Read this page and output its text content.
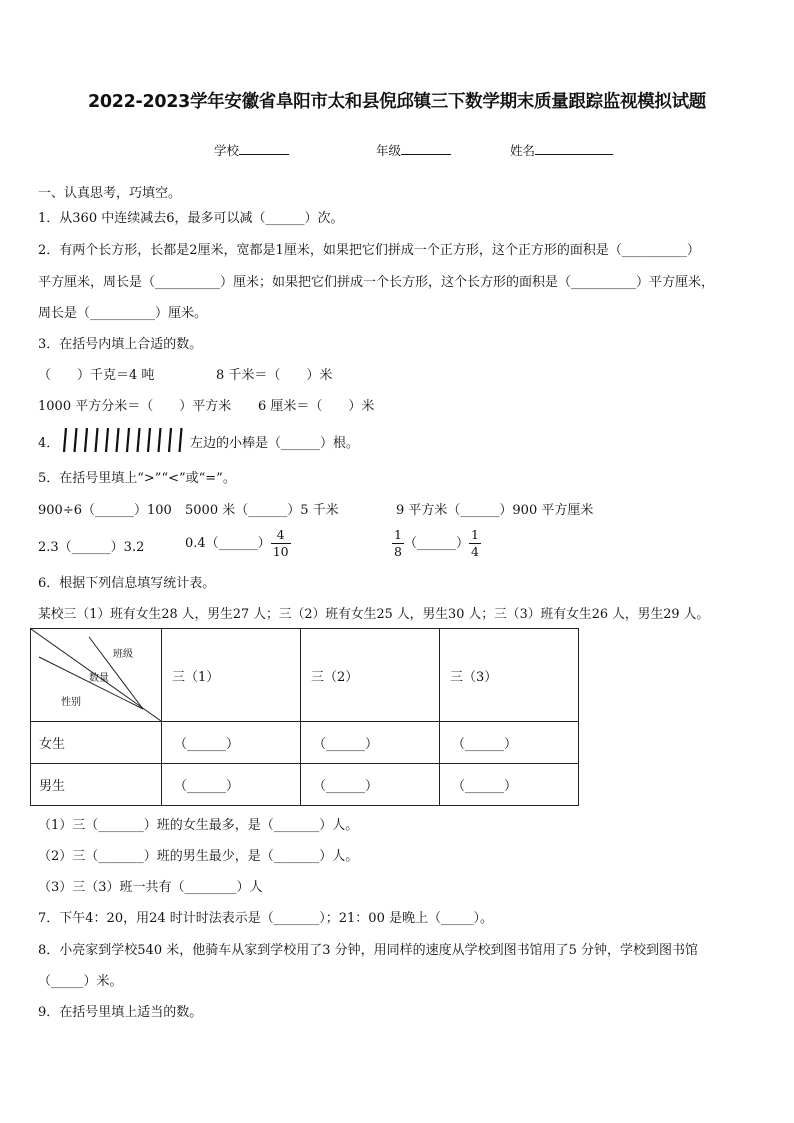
2022-2023学年安徽省阜阳市太和县倪邱镇三下数学期末质量跟踪监视模拟试题
学校	年级	姓名
一、认真思考，巧填空。
1．从360 中连续减去6，最多可以减（______）次。
2．有两个长方形，长都是2厘米，宽都是1厘米，如果把它们拼成一个正方形，这个正方形的面积是（__________）
平方厘米，周长是（__________）厘米；如果把它们拼成一个长方形，这个长方形的面积是（__________）平方厘米，
周长是（__________）厘米。
3．在括号内填上合适的数。
（　　）千克＝4 吨	8 千米＝（　　）米
1000 平方分米＝（　　）平方米 6 厘米＝（　　）米
4．	左边的小棒是（______）根。
5．在括号里填上“>”“<”或“=”。
900÷6（______）100 5000 米（______）5 千米	9 平方米（______）900 平方厘米
2.3（______）3.2	0.4（______） $\frac{4}{10}$	$\frac{1}{8}$ （______） $\frac{1}{4}$
6．根据下列信息填写统计表。
某校三（1）班有女生28 人，男生27 人；三（2）班有女生25 人，男生30 人；三（3）班有女生26 人，男生29 人。
班级
数量
性别	三（1）	三（2）	三（3）
女生	（______）	（______）	（______）
男生	（______）	（______）	（______）
（1）三（_______）班的女生最多，是（_______）人。
（2）三（_______）班的男生最少，是（_______）人。
（3）三（3）班一共有（________）人
7．下午4：20，用24 时计时法表示是（_______）；21：00 是晚上（_____）。
8．小亮家到学校540 米，他骑车从家到学校用了3 分钟，用同样的速度从学校到图书馆用了5 分钟，学校到图书馆
（_____）米。
9．在括号里填上适当的数。
